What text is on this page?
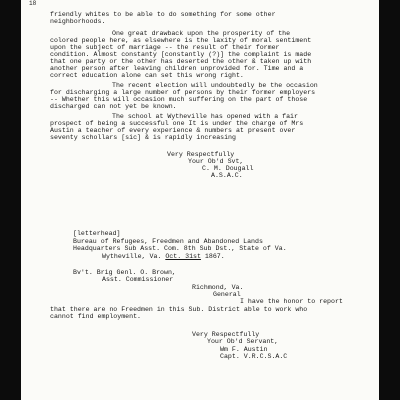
18
friendly whites to be able to do something for some other
neighborhoods.
One great drawback upon the prosperity of the
colored people here, as elsewhere is the laxity of moral sentiment
upon the subject of marriage -- the result of their former
condition. Almost constanty [constantly (?)] the complaint is made
that one party or the other has deserted the other & taken up with
another person after leaving children unprovided for. Time and a
correct education alone can set this wrong right.
The recent election will undoubtedly be the occasion
for discharging a large number of persons by their former employers
-- Whether this will occasion much suffering on the part of those
discharged can not yet be known.
The school at Wytheville has opened with a fair
prospect of being a successful one It is under the charge of Mrs
Austin a teacher of every experience & numbers at present over
seventy schollars [sic] & is rapidly increasing
Very Respectfully
Your Ob'd Svt,
C. M. Dougall
A.S.A.C.
[letterhead]
Bureau of Refugees, Freedmen and Abandoned Lands
Headquarters Sub Asst. Com. 8th Sub Dst., State of Va.
Wytheville, Va. Oct. 31st 1867.
Bv't. Brig Genl. O. Brown,
Asst. Commissioner
Richmond, Va.
General
I have the honor to report
that there are no Freedmen in this Sub. District able to work who
cannot find employment.
Very Respectfully
Your Ob'd Servant,
Wm F. Austin
Capt. V.R.C.S.A.C
